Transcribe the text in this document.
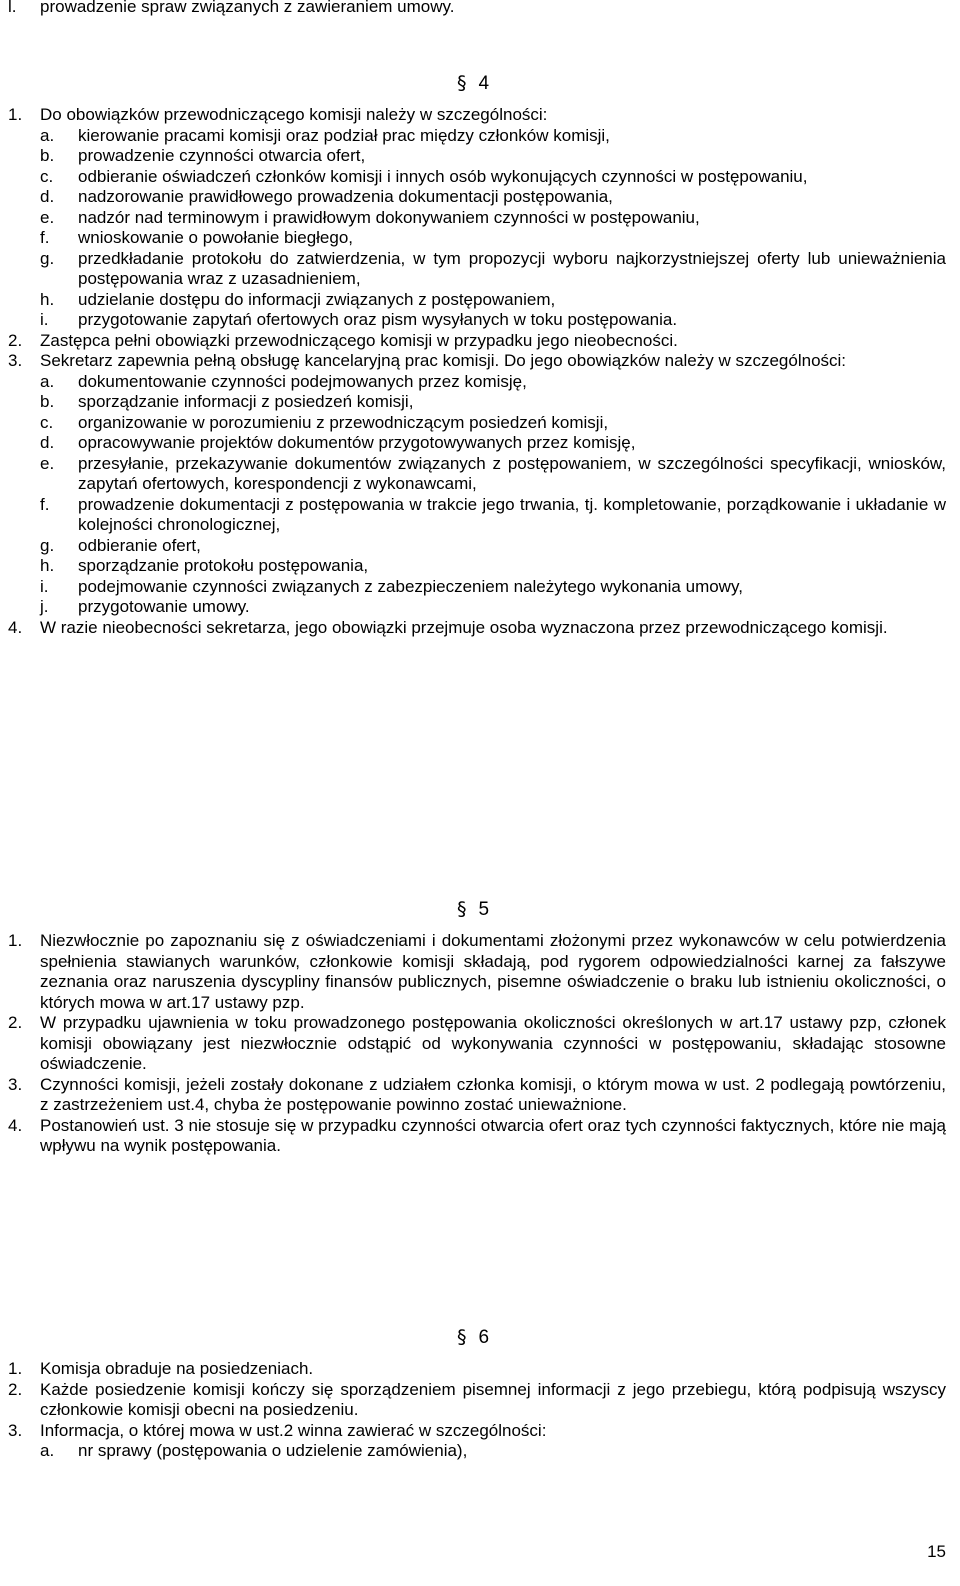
l. prowadzenie spraw związanych z zawieraniem umowy.
§ 4
1. Do obowiązków przewodniczącego komisji należy w szczególności:
a. kierowanie pracami komisji oraz podział prac między członków komisji,
b. prowadzenie czynności otwarcia ofert,
c. odbieranie oświadczeń członków komisji i innych osób wykonujących czynności w postępowaniu,
d. nadzorowanie prawidłowego prowadzenia dokumentacji postępowania,
e. nadzór nad terminowym i prawidłowym dokonywaniem czynności w postępowaniu,
f. wnioskowanie o powołanie biegłego,
g. przedkładanie protokołu do zatwierdzenia, w tym propozycji wyboru najkorzystniejszej oferty lub unieważnienia postępowania wraz z uzasadnieniem,
h. udzielanie dostępu do informacji związanych z postępowaniem,
i. przygotowanie zapytań ofertowych oraz pism wysyłanych w toku postępowania.
2. Zastępca pełni obowiązki przewodniczącego komisji w przypadku jego nieobecności.
3. Sekretarz zapewnia pełną obsługę kancelaryjną prac komisji. Do jego obowiązków należy w szczególności:
a. dokumentowanie czynności podejmowanych przez komisję,
b. sporządzanie informacji z posiedzeń komisji,
c. organizowanie w porozumieniu z przewodniczącym posiedzeń komisji,
d. opracowywanie projektów dokumentów przygotowywanych przez komisję,
e. przesyłanie, przekazywanie dokumentów związanych z postępowaniem, w szczególności specyfikacji, wniosków, zapytań ofertowych, korespondencji z wykonawcami,
f. prowadzenie dokumentacji z postępowania w trakcie jego trwania, tj. kompletowanie, porządkowanie i układanie w kolejności chronologicznej,
g. odbieranie ofert,
h. sporządzanie protokołu postępowania,
i. podejmowanie czynności związanych z zabezpieczeniem należytego wykonania umowy,
j. przygotowanie umowy.
4. W razie nieobecności sekretarza, jego obowiązki przejmuje osoba wyznaczona przez przewodniczącego komisji.
§ 5
1. Niezwłocznie po zapoznaniu się z oświadczeniami i dokumentami złożonymi przez wykonawców w celu potwierdzenia spełnienia stawianych warunków, członkowie komisji składają, pod rygorem odpowiedzialności karnej za fałszywe zeznania oraz naruszenia dyscypliny finansów publicznych, pisemne oświadczenie o braku lub istnieniu okoliczności, o których mowa w art.17 ustawy pzp.
2. W przypadku ujawnienia w toku prowadzonego postępowania okoliczności określonych w art.17 ustawy pzp, członek komisji obowiązany jest niezwłocznie odstąpić od wykonywania czynności w postępowaniu, składając stosowne oświadczenie.
3. Czynności komisji, jeżeli zostały dokonane z udziałem członka komisji, o którym mowa w ust. 2 podlegają powtórzeniu, z zastrzeżeniem ust.4, chyba że postępowanie powinno zostać unieważnione.
4. Postanowień ust. 3 nie stosuje się w przypadku czynności otwarcia ofert oraz tych czynności faktycznych, które nie mają wpływu na wynik postępowania.
§ 6
1. Komisja obraduje na posiedzeniach.
2. Każde posiedzenie komisji kończy się sporządzeniem pisemnej informacji z jego przebiegu, którą podpisują wszyscy członkowie komisji obecni na posiedzeniu.
3. Informacja, o której mowa w ust.2 winna zawierać w szczególności:
a. nr sprawy (postępowania o udzielenie zamówienia),
15
